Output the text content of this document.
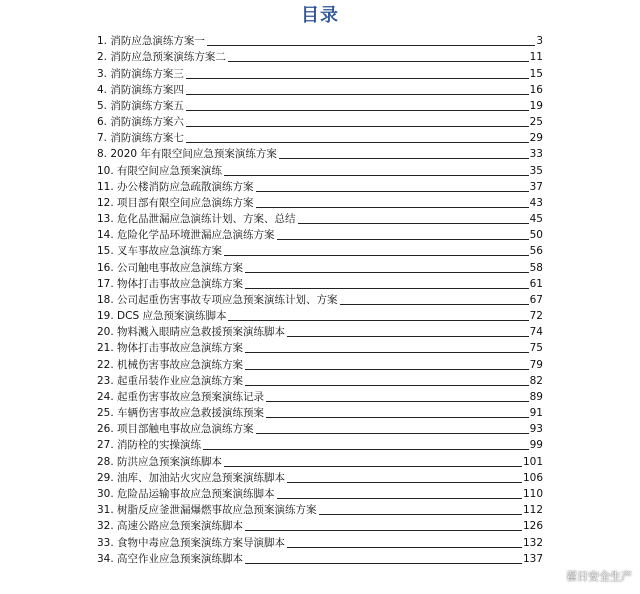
目录
1. 消防应急演练方案一	3
2. 消防应急预案演练方案二	11
3. 消防演练方案三	15
4. 消防演练方案四	16
5. 消防演练方案五	19
6. 消防演练方案六	25
7. 消防演练方案七	29
8. 2020 年有限空间应急预案演练方案	33
10. 有限空间应急预案演练	35
11. 办公楼消防应急疏散演练方案	37
12. 项目部有限空间应急演练方案	43
13. 危化品泄漏应急演练计划、方案、总结	45
14. 危险化学品环境泄漏应急演练方案	50
15. 叉车事故应急演练方案	56
16. 公司触电事故应急演练方案	58
17. 物体打击事故应急演练方案	61
18. 公司起重伤害事故专项应急预案演练计划、方案	67
19. DCS 应急预案演练脚本	72
20. 物料溅入眼睛应急救援预案演练脚本	74
21. 物体打击事故应急演练方案	75
22. 机械伤害事故应急演练方案	79
23. 起重吊装作业应急演练方案	82
24. 起重伤害事故应急预案演练记录	89
25. 车辆伤害事故应急救援演练预案	91
26. 项目部触电事故应急演练方案	93
27. 消防栓的实操演练	99
28. 防洪应急预案演练脚本	101
29. 油库、加油站火灾应急预案演练脚本	106
30. 危险品运输事故应急预案演练脚本	110
31. 树脂反应釜泄漏爆燃事故应急预案演练方案	112
32. 高速公路应急预案演练脚本	126
33. 食物中毒应急预案演练方案导演脚本	132
34. 高空作业应急预案演练脚本	137
翟日安全生产
